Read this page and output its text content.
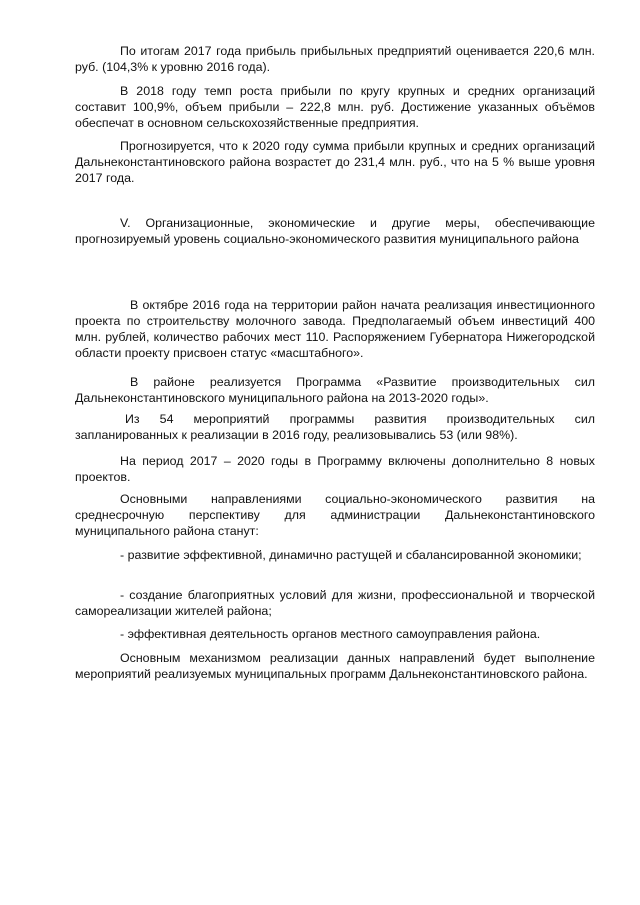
По итогам 2017 года прибыль прибыльных предприятий оценивается 220,6 млн. руб. (104,3% к уровню 2016 года).

В 2018 году темп роста прибыли по кругу крупных и средних организаций составит 100,9%, объем прибыли – 222,8 млн. руб. Достижение указанных объёмов обеспечат в основном сельскохозяйственные предприятия.

Прогнозируется, что к 2020 году сумма прибыли крупных и средних организаций Дальнеконстантиновского района возрастет до 231,4 млн. руб., что на 5 % выше уровня 2017 года.

V. Организационные, экономические и другие меры, обеспечивающие прогнозируемый уровень социально-экономического развития муниципального района

В октябре 2016 года на территории район начата реализация инвестиционного проекта по строительству молочного завода. Предполагаемый объем инвестиций 400 млн. рублей, количество рабочих мест 110. Распоряжением Губернатора Нижегородской области проекту присвоен статус «масштабного».

В районе реализуется Программа «Развитие производительных сил Дальнеконстантиновского муниципального района на 2013-2020 годы».

Из 54 мероприятий программы развития производительных сил запланированных к реализации в 2016 году, реализовывались 53 (или 98%).

На период 2017 – 2020 годы в Программу включены дополнительно 8 новых проектов.

Основными направлениями социально-экономического развития на среднесрочную перспективу для администрации Дальнеконстантиновского муниципального района станут:

- развитие эффективной, динамично растущей и сбалансированной экономики;

- создание благоприятных условий для жизни, профессиональной и творческой самореализации жителей района;

- эффективная деятельность органов местного самоуправления района.

Основным механизмом реализации данных направлений будет выполнение мероприятий реализуемых муниципальных программ Дальнеконстантиновского района.
